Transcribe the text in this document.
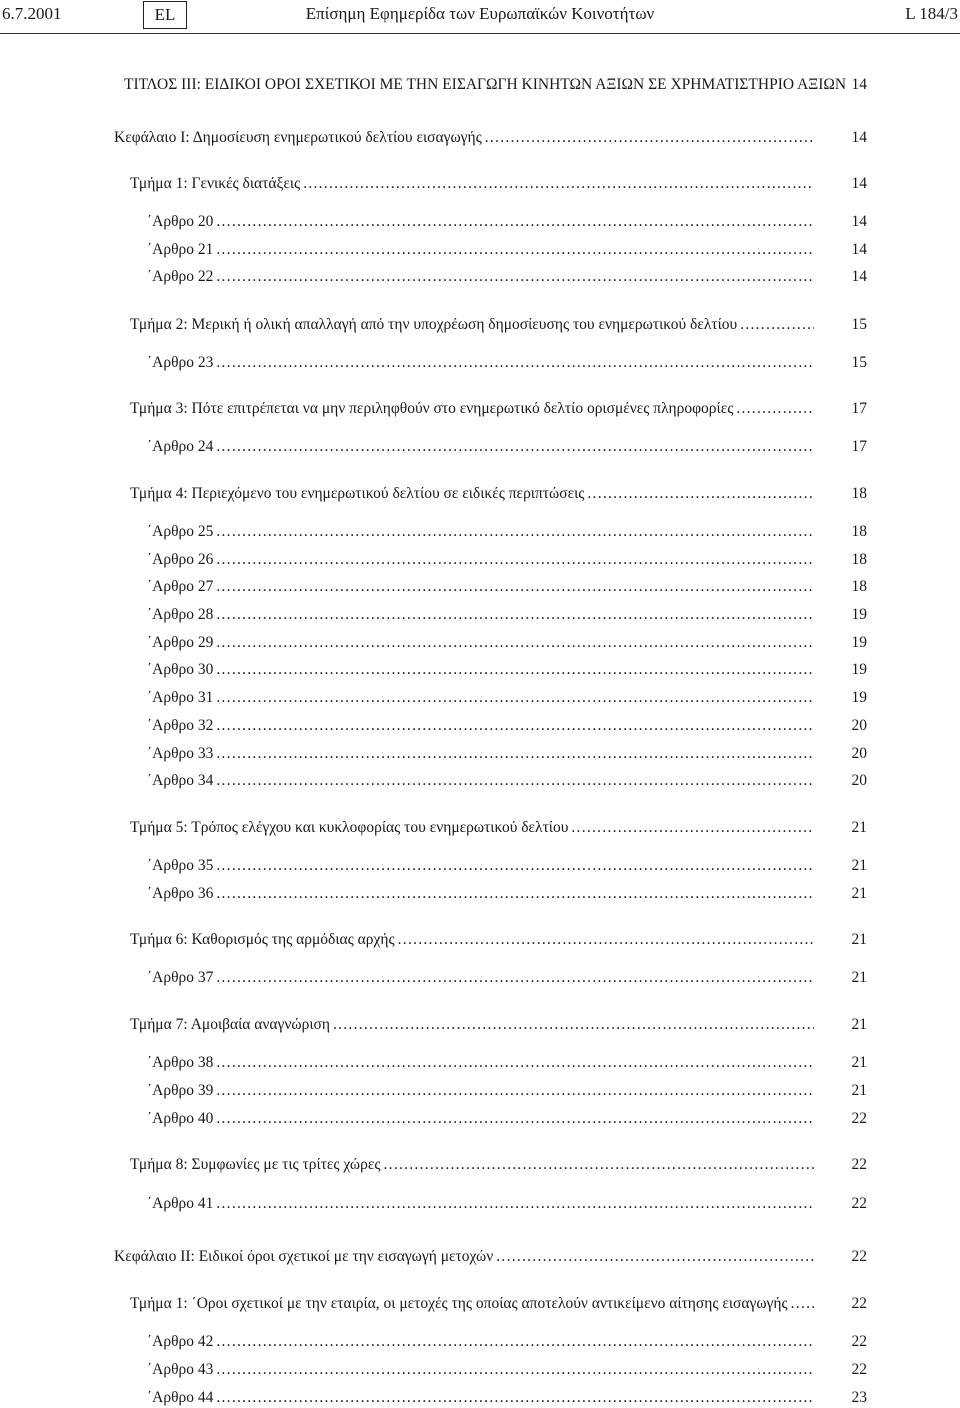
6.7.2001	EL	Επίσημη Εφημερίδα των Ευρωπαϊκών Κοινοτήτων	L 184/3
ΤΙΤΛΟΣ ΙΙΙ: ΕΙΔΙΚΟΙ ΟΡΟΙ ΣΧΕΤΙΚΟΙ ΜΕ ΤΗΝ ΕΙΣΑΓΩΓΗ ΚΙΝΗΤΩΝ ΑΞΙΩΝ ΣΕ ΧΡΗΜΑΤΙΣΤΗΡΙΟ ΑΞΙΩΝ 14
Κεφάλαιο Ι: Δημοσίευση ενημερωτικού δελτίου εισαγωγής . . .	14
Τμήμα 1: Γενικές διατάξεις . . .	14
΄Αρθρο 20 . . .	14
΄Αρθρο 21 . . .	14
΄Αρθρο 22 . . .	14
Τμήμα 2: Μερική ή ολική απαλλαγή από την υποχρέωση δημοσίευσης του ενημερωτικού δελτίου . . .	15
΄Αρθρο 23 . . .	15
Τμήμα 3: Πότε επιτρέπεται να μην περιληφθούν στο ενημερωτικό δελτίο ορισμένες πληροφορίες . . .	17
΄Αρθρο 24 . . .	17
Τμήμα 4: Περιεχόμενο του ενημερωτικού δελτίου σε ειδικές περιπτώσεις . . .	18
΄Αρθρο 25 . . .	18
΄Αρθρο 26 . . .	18
΄Αρθρο 27 . . .	18
΄Αρθρο 28 . . .	19
΄Αρθρο 29 . . .	19
΄Αρθρο 30 . . .	19
΄Αρθρο 31 . . .	19
΄Αρθρο 32 . . .	20
΄Αρθρο 33 . . .	20
΄Αρθρο 34 . . .	20
Τμήμα 5: Τρόπος ελέγχου και κυκλοφορίας του ενημερωτικού δελτίου . . .	21
΄Αρθρο 35 . . .	21
΄Αρθρο 36 . . .	21
Τμήμα 6: Καθορισμός της αρμόδιας αρχής . . .	21
΄Αρθρο 37 . . .	21
Τμήμα 7: Αμοιβαία αναγνώριση . . .	21
΄Αρθρο 38 . . .	21
΄Αρθρο 39 . . .	21
΄Αρθρο 40 . . .	22
Τμήμα 8: Συμφωνίες με τις τρίτες χώρες . . .	22
΄Αρθρο 41 . . .	22
Κεφάλαιο ΙΙ: Ειδικοί όροι σχετικοί με την εισαγωγή μετοχών . . .	22
Τμήμα 1: ΄Οροι σχετικοί με την εταιρία, οι μετοχές της οποίας αποτελούν αντικείμενο αίτησης εισαγωγής . . .	22
΄Αρθρο 42 . . .	22
΄Αρθρο 43 . . .	22
΄Αρθρο 44 . . .	23
